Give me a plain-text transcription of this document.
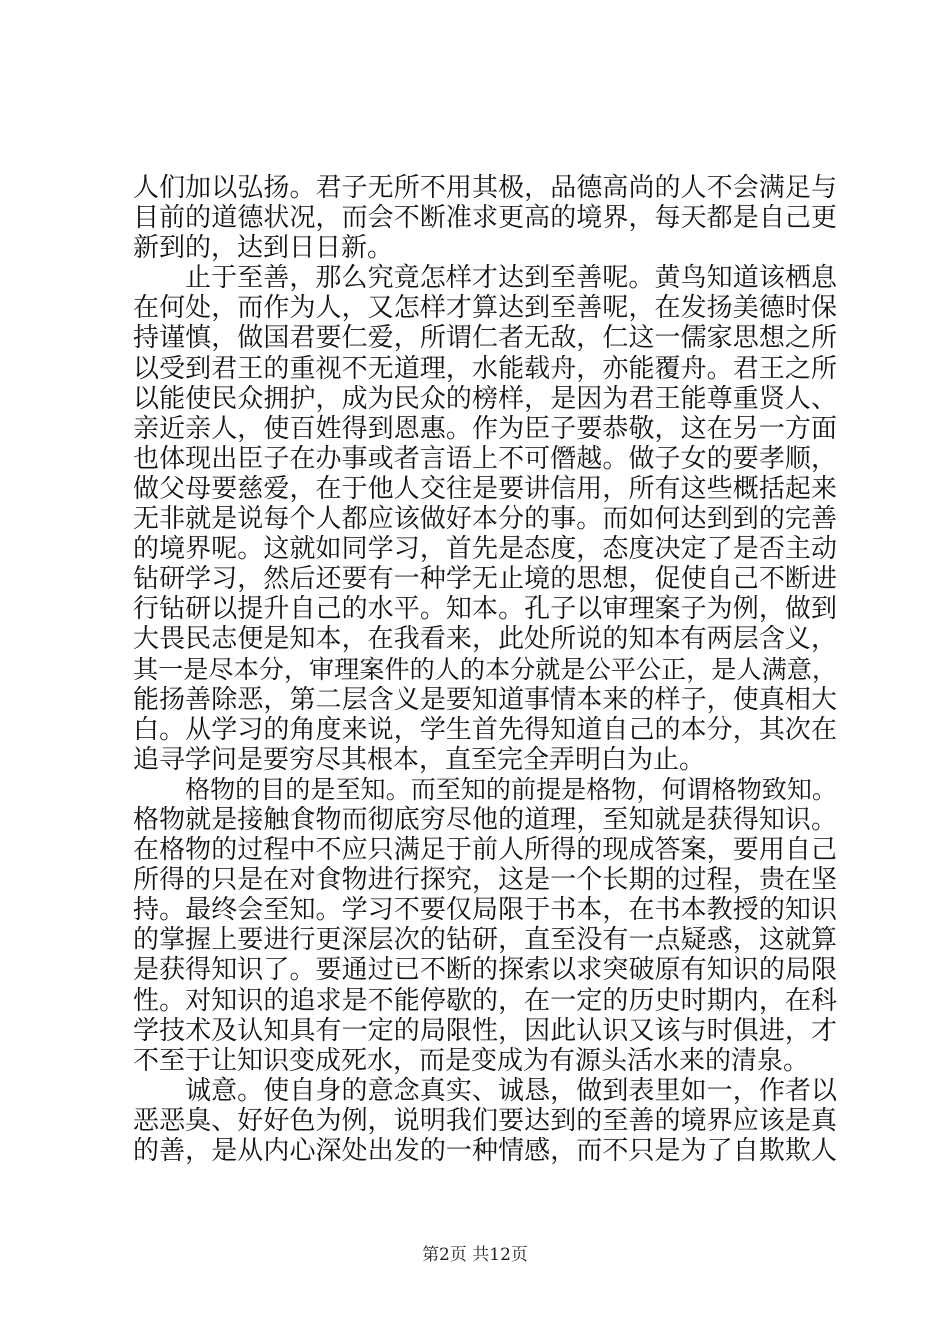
人们加以弘扬。君子无所不用其极，品德高尚的人不会满足与
目前的道德状况，而会不断准求更高的境界，每天都是自己更
新到的，达到日日新。
止于至善，那么究竟怎样才达到至善呢。黄鸟知道该栖息
在何处，而作为人，又怎样才算达到至善呢，在发扬美德时保
持谨慎，做国君要仁爱，所谓仁者无敌，仁这一儒家思想之所
以受到君王的重视不无道理，水能载舟，亦能覆舟。君王之所
以能使民众拥护，成为民众的榜样，是因为君王能尊重贤人、
亲近亲人，使百姓得到恩惠。作为臣子要恭敬，这在另一方面
也体现出臣子在办事或者言语上不可僭越。做子女的要孝顺，
做父母要慈爱，在于他人交往是要讲信用，所有这些概括起来
无非就是说每个人都应该做好本分的事。而如何达到到的完善
的境界呢。这就如同学习，首先是态度，态度决定了是否主动
钻研学习，然后还要有一种学无止境的思想，促使自己不断进
行钻研以提升自己的水平。知本。孔子以审理案子为例，做到
大畏民志便是知本，在我看来，此处所说的知本有两层含义，
其一是尽本分，审理案件的人的本分就是公平公正，是人满意，
能扬善除恶，第二层含义是要知道事情本来的样子，使真相大
白。从学习的角度来说，学生首先得知道自己的本分，其次在
追寻学问是要穷尽其根本，直至完全弄明白为止。
格物的目的是至知。而至知的前提是格物，何谓格物致知。
格物就是接触食物而彻底穷尽他的道理，至知就是获得知识。
在格物的过程中不应只满足于前人所得的现成答案，要用自己
所得的只是在对食物进行探究，这是一个长期的过程，贵在坚
持。最终会至知。学习不要仅局限于书本，在书本教授的知识
的掌握上要进行更深层次的钻研，直至没有一点疑惑，这就算
是获得知识了。要通过已不断的探索以求突破原有知识的局限
性。对知识的追求是不能停歇的，在一定的历史时期内，在科
学技术及认知具有一定的局限性，因此认识又该与时俱进，才
不至于让知识变成死水，而是变成为有源头活水来的清泉。
诚意。使自身的意念真实、诚恳，做到表里如一，作者以
恶恶臭、好好色为例，说明我们要达到的至善的境界应该是真
的善，是从内心深处出发的一种情感，而不只是为了自欺欺人
第2页 共12页
